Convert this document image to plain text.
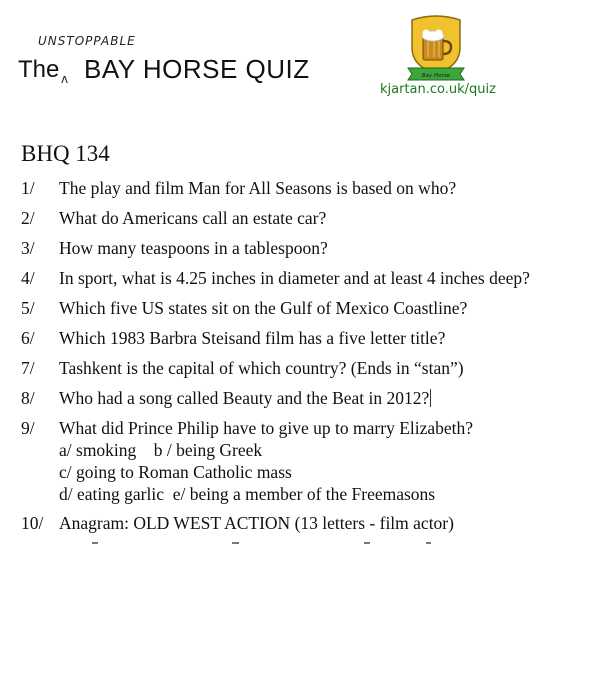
UNSTOPPABLE
The ʌ BAY HORSE QUIZ	Bay Horse
kjartan.co.uk/quiz
BHQ 134
1/	The play and film Man for All Seasons is based on who?
2/	What do Americans call an estate car?
3/	How many teaspoons in a tablespoon?
4/	In sport, what is 4.25 inches in diameter and at least 4 inches deep?
5/	Which five US states sit on the Gulf of Mexico Coastline?
6/	Which 1983 Barbra Steisand film has a five letter title?
7/	Tashkent is the capital of which country? (Ends in “stan”)
8/	Who had a song called Beauty and the Beat in 2012?
9/	What did Prince Philip have to give up to marry Elizabeth?
a/ smoking    b / being Greek
c/ going to Roman Catholic mass
d/ eating garlic  e/ being a member of the Freemasons
10/ Anagram: OLD WEST ACTION (13 letters - film actor)
